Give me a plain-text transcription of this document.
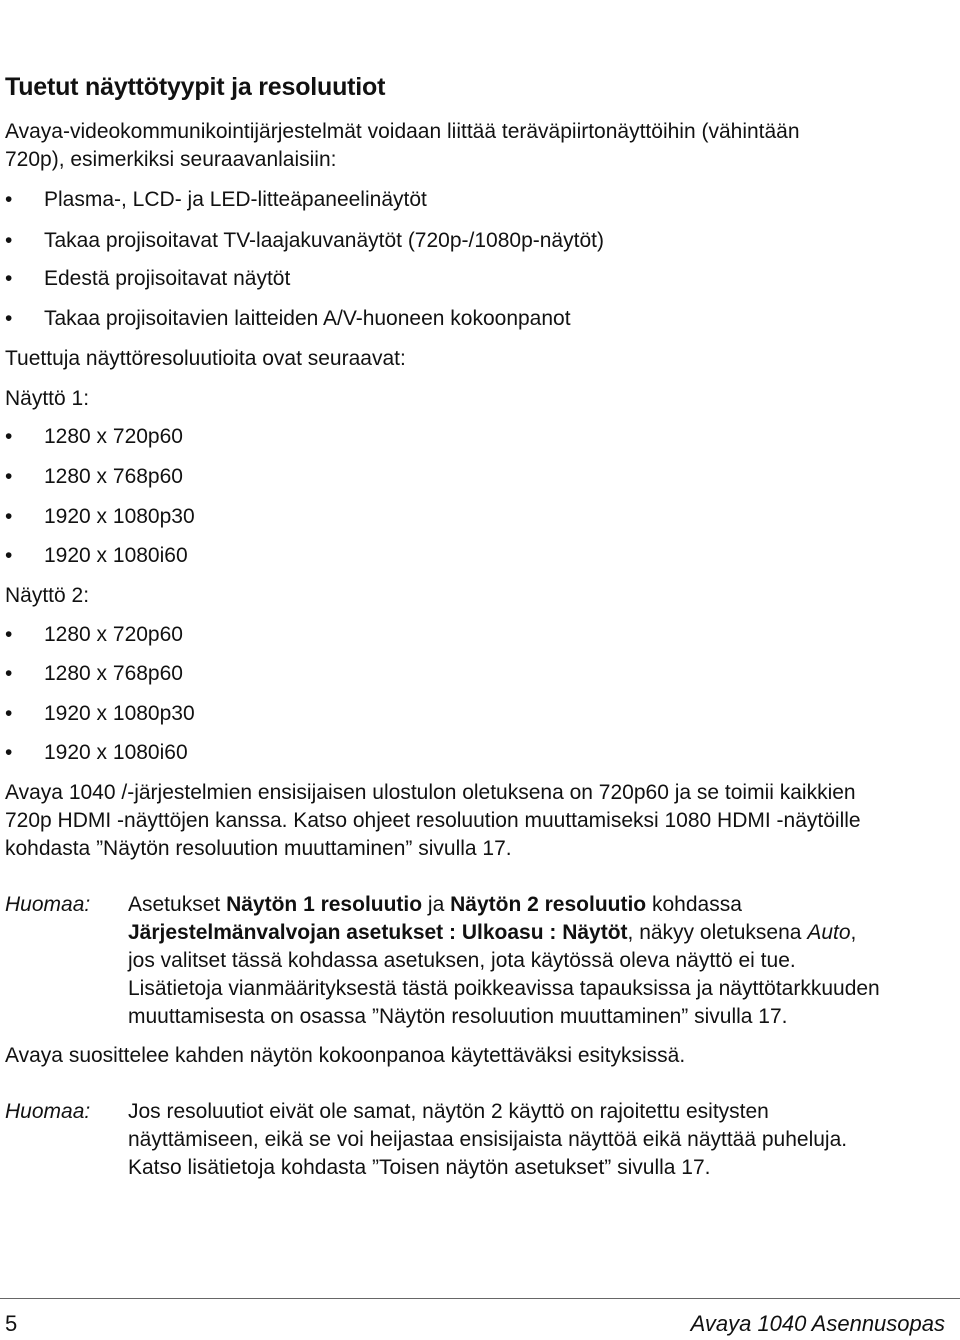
Tuetut näyttötyypit ja resoluutiot

Avaya-videokommunikointijärjestelmät voidaan liittää teräväpiirtonäyttöihin (vähintään

720p), esimerkiksi seuraavanlaisiin:

• Plasma-, LCD- ja LED-litteäpaneelinäytöt
• Takaa projisoitavat TV-laajakuvanäytöt (720p-/1080p-näytöt)
• Edestä projisoitavat näytöt
• Takaa projisoitavien laitteiden A/V-huoneen kokoonpanot

Tuettuja näyttöresoluutioita ovat seuraavat:

Näyttö 1:

• 1280 x 720p60
• 1280 x 768p60
• 1920 x 1080p30
• 1920 x 1080i60

Näyttö 2:

• 1280 x 720p60
• 1280 x 768p60
• 1920 x 1080p30
• 1920 x 1080i60

Avaya 1040 /-järjestelmien ensisijaisen ulostulon oletuksena on 720p60 ja se toimii kaikkien

720p HDMI -näyttöjen kanssa. Katso ohjeet resoluution muuttamiseksi 1080 HDMI -näytöille

kohdasta ”Näytön resoluution muuttaminen” sivulla 17.

Huomaa: Asetukset Näytön 1 resoluutio ja Näytön 2 resoluutio kohdassa
Järjestelmänvalvojan asetukset : Ulkoasu : Näytöt, näkyy oletuksena Auto,
jos valitset tässä kohdassa asetuksen, jota käytössä oleva näyttö ei tue.
Lisätietoja vianmäärityksestä tästä poikkeavissa tapauksissa ja näyttötarkkuuden
muuttamisesta on osassa ”Näytön resoluution muuttaminen” sivulla 17.

Avaya suosittelee kahden näytön kokoonpanoa käytettäväksi esityksissä.

Huomaa: Jos resoluutiot eivät ole samat, näytön 2 käyttö on rajoitettu esitysten
näyttämiseen, eikä se voi heijastaa ensisijaista näyttöä eikä näyttää puheluja.
Katso lisätietoja kohdasta ”Toisen näytön asetukset” sivulla 17.
5	Avaya 1040 Asennusopas
